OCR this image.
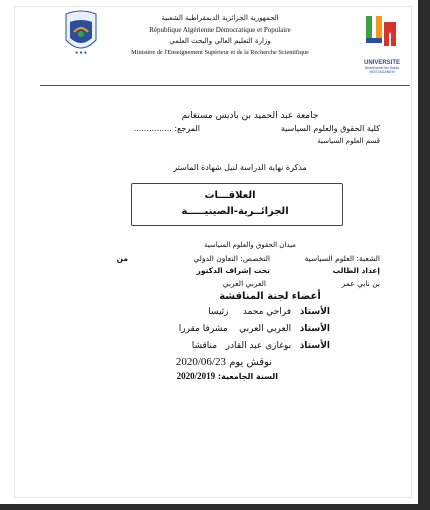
● ● ●
UNIVERSITE
Abdelhamid Ibn Badis
MOSTAGANEM
الجمهورية الجزائرية الديمقراطية الشعبية
République Algérienne Démocratique et Populaire
وزارة التعليم العالي والبحث العلمي
Ministère de l'Enseignement Supérieur et de la Recherche Scientifique
جامعة عبد الحميد بن باديس مستغانم
كلية الحقوق والعلوم السياسية
قسم العلوم السياسية
المرجع: ...............
مذكرة نهاية الدراسة لنيل شهادة الماستر
العلاقـــات
الجزائــرية-الصينيـــــة
ميدان الحقوق والعلوم السياسية
الشعبة: العلوم السياسية
التخصص: التعاون الدولي
من
إعداد الطالب
تحت إشراف الدكتور
بن نابي عمر
العربي العربي
أعضاء لجنة المناقشة
الأستاذ   فراحي محمد     رئيسا
الأستاذ   العربي العربي    مشرفا مقررا
الأستاذ   بوغازي عبد القادر   مناقشا
نوقش يوم 2020/06/23
السنة الجامعية: 2020/2019
